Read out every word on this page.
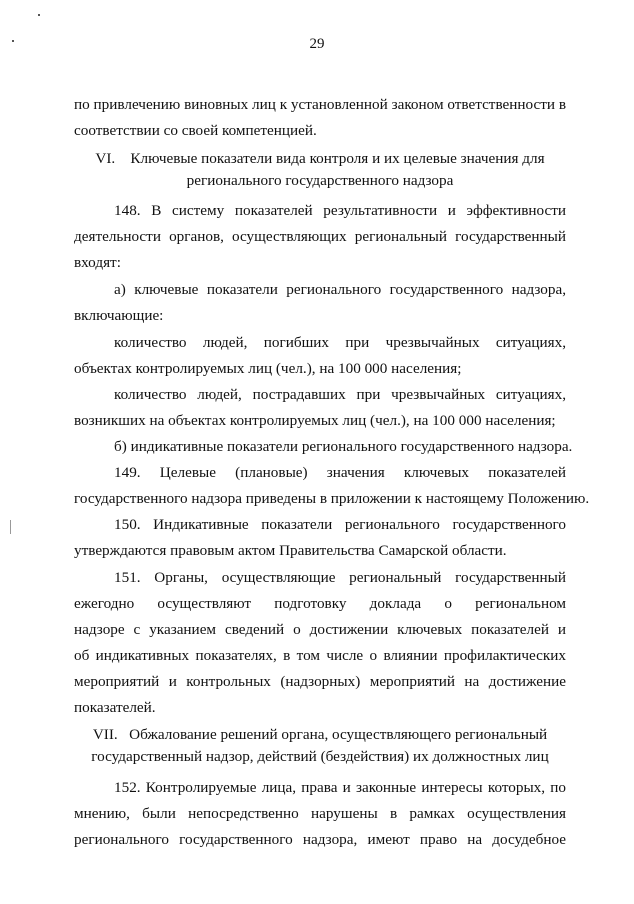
29
по привлечению виновных лиц к установленной законом ответственности в
соответствии со своей компетенцией.
VI.    Ключевые показатели вида контроля и их целевые значения для
регионального государственного надзора
148. В систему показателей результативности и эффективности
деятельности органов, осуществляющих региональный государственный
входят:
а) ключевые показатели регионального государственного надзора,
включающие:
количество людей, погибших при чрезвычайных ситуациях,
объектах контролируемых лиц (чел.), на 100 000 населения;
количество людей, пострадавших при чрезвычайных ситуациях,
возникших на объектах контролируемых лиц (чел.), на 100 000 населения;
б) индикативные показатели регионального государственного надзора.
149. Целевые (плановые) значения ключевых показателей
государственного надзора приведены в приложении к настоящему Положению.
150. Индикативные показатели регионального государственного
утверждаются правовым актом Правительства Самарской области.
151. Органы, осуществляющие региональный государственный
ежегодно осуществляют подготовку доклада о региональном
надзоре с указанием сведений о достижении ключевых показателей и
об индикативных показателях, в том числе о влиянии профилактических
мероприятий и контрольных (надзорных) мероприятий на достижение
показателей.
VII.   Обжалование решений органа, осуществляющего региональный
государственный надзор, действий (бездействия) их должностных лиц
152. Контролируемые лица, права и законные интересы которых, по
мнению, были непосредственно нарушены в рамках осуществления
регионального государственного надзора, имеют право на досудебное
